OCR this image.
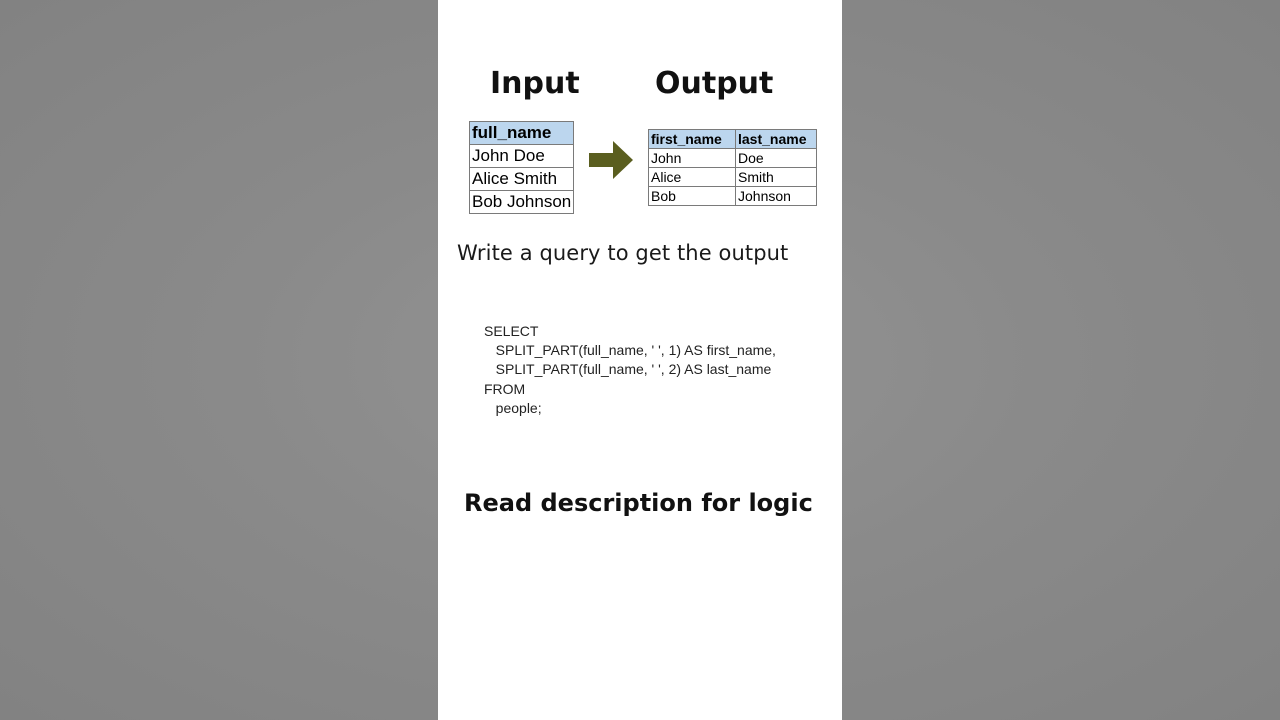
Input	Output
full_name
John Doe
Alice Smith
Bob Johnson
first_name	last_name
John	Doe
Alice	Smith
Bob	Johnson
Write a query to get the output
SELECT
SPLIT_PART(full_name, ' ', 1) AS first_name,
SPLIT_PART(full_name, ' ', 2) AS last_name
FROM
people;
Read description for logic
